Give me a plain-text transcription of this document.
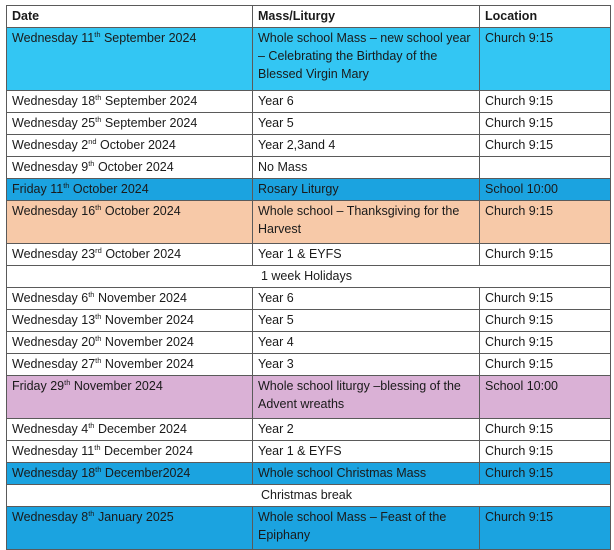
Date	Mass/Liturgy	Location
Wednesday 11th September 2024	Whole school Mass – new school year – Celebrating the Birthday of the Blessed Virgin Mary	Church 9:15
Wednesday 18th September 2024	Year 6	Church 9:15
Wednesday 25th September 2024	Year 5	Church 9:15
Wednesday 2nd October 2024	Year 2,3and 4	Church 9:15
Wednesday 9th October 2024	No Mass	
Friday 11th October 2024	Rosary Liturgy	School 10:00
Wednesday 16th October 2024	Whole school – Thanksgiving for the Harvest	Church 9:15
Wednesday 23rd October 2024	Year 1 & EYFS	Church 9:15
1 week Holidays		
Wednesday 6th November 2024	Year 6	Church 9:15
Wednesday 13th November 2024	Year 5	Church 9:15
Wednesday 20th November 2024	Year 4	Church 9:15
Wednesday 27th November 2024	Year 3	Church 9:15
Friday 29th November 2024	Whole school liturgy –blessing of the Advent wreaths	School 10:00
Wednesday 4th December 2024	Year 2	Church 9:15
Wednesday 11th December 2024	Year 1 & EYFS	Church 9:15
Wednesday 18th December2024	Whole school Christmas Mass	Church 9:15
Christmas break		
Wednesday 8th January 2025	Whole school Mass – Feast of the Epiphany	Church 9:15
